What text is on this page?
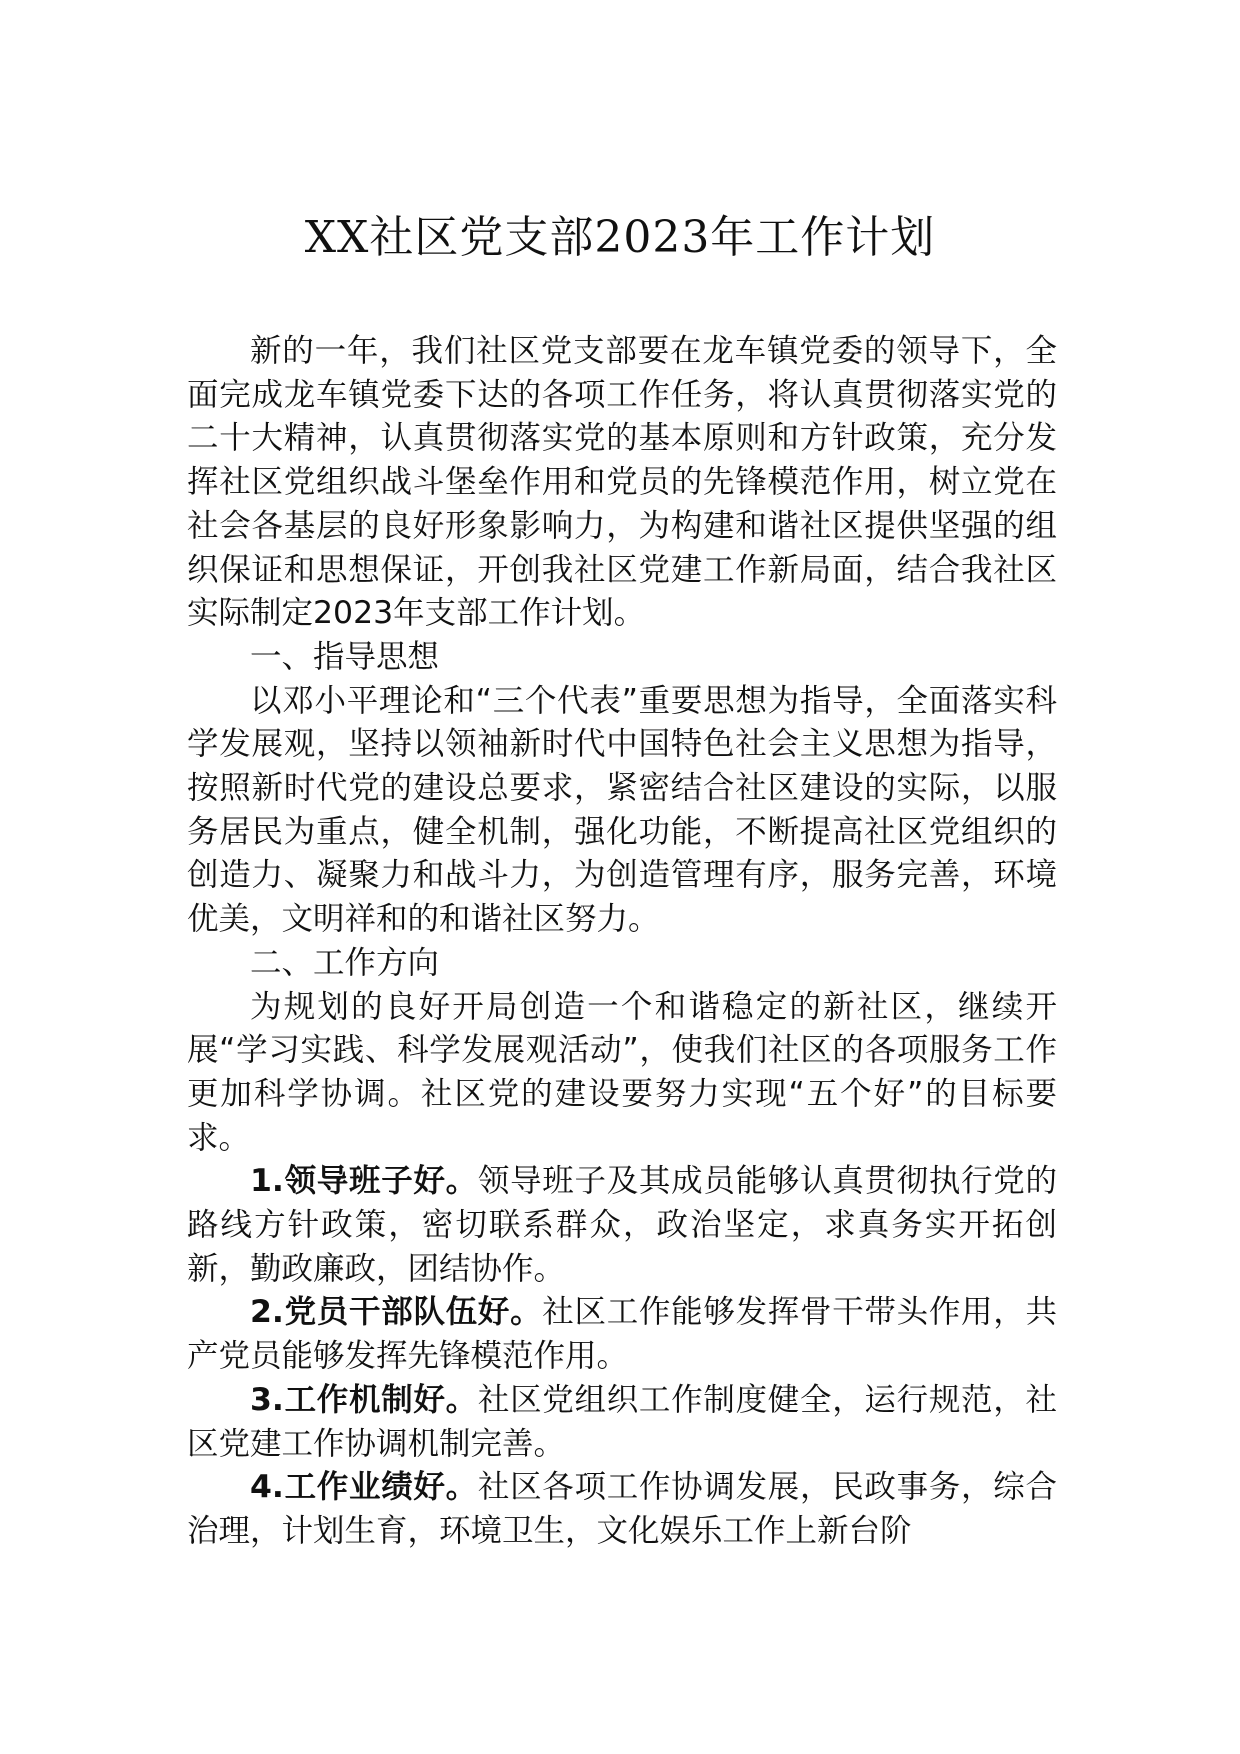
XX社区党支部2023年工作计划

新的一年，我们社区党支部要在龙车镇党委的领导下，全面完成龙车镇党委下达的各项工作任务，将认真贯彻落实党的二十大精神，认真贯彻落实党的基本原则和方针政策，充分发挥社区党组织战斗堡垒作用和党员的先锋模范作用，树立党在社会各基层的良好形象影响力，为构建和谐社区提供坚强的组织保证和思想保证，开创我社区党建工作新局面，结合我社区实际制定2023年支部工作计划。

一、指导思想

以邓小平理论和“三个代表”重要思想为指导，全面落实科学发展观，坚持以领袖新时代中国特色社会主义思想为指导，按照新时代党的建设总要求，紧密结合社区建设的实际，以服务居民为重点，健全机制，强化功能，不断提高社区党组织的创造力、凝聚力和战斗力，为创造管理有序，服务完善，环境优美，文明祥和的和谐社区努力。

二、工作方向

为规划的良好开局创造一个和谐稳定的新社区，继续开展“学习实践、科学发展观活动”，使我们社区的各项服务工作更加科学协调。社区党的建设要努力实现“五个好”的目标要求。

1.领导班子好。领导班子及其成员能够认真贯彻执行党的路线方针政策，密切联系群众，政治坚定，求真务实开拓创新，勤政廉政，团结协作。

2.党员干部队伍好。社区工作能够发挥骨干带头作用，共产党员能够发挥先锋模范作用。

3.工作机制好。社区党组织工作制度健全，运行规范，社区党建工作协调机制完善。

4.工作业绩好。社区各项工作协调发展，民政事务，综合治理，计划生育，环境卫生，文化娱乐工作上新台阶
